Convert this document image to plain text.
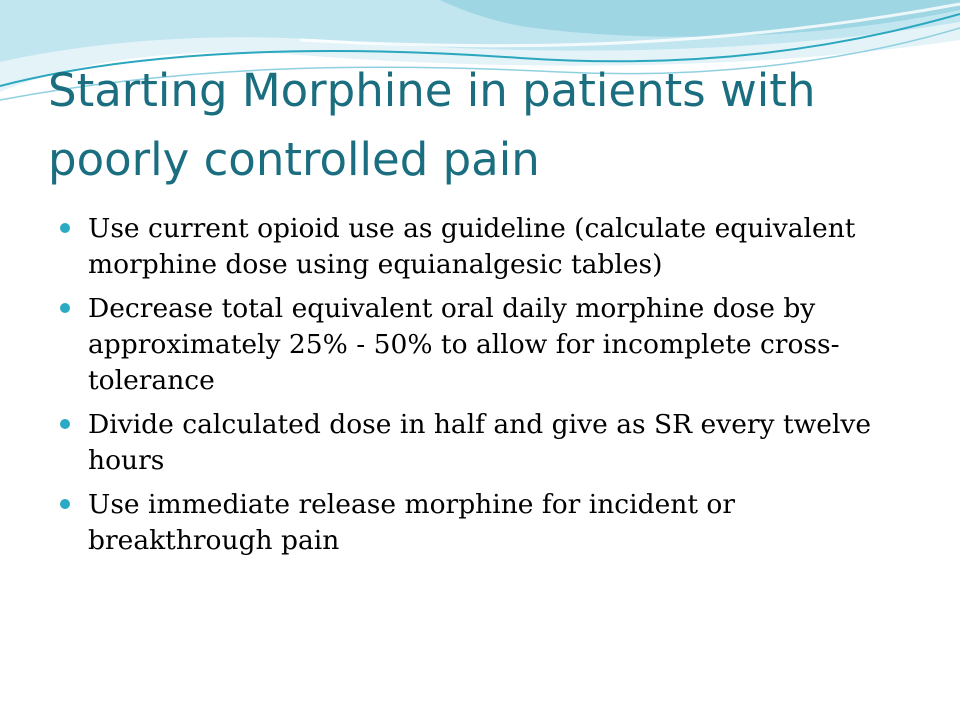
Starting Morphine in patients with poorly controlled pain
Use current opioid use as guideline (calculate equivalent morphine dose using equianalgesic tables)
Decrease total equivalent oral daily morphine dose by approximately 25% - 50% to allow for incomplete cross-tolerance
Divide calculated dose in half and give as SR every twelve hours
Use immediate release morphine for incident or breakthrough pain
